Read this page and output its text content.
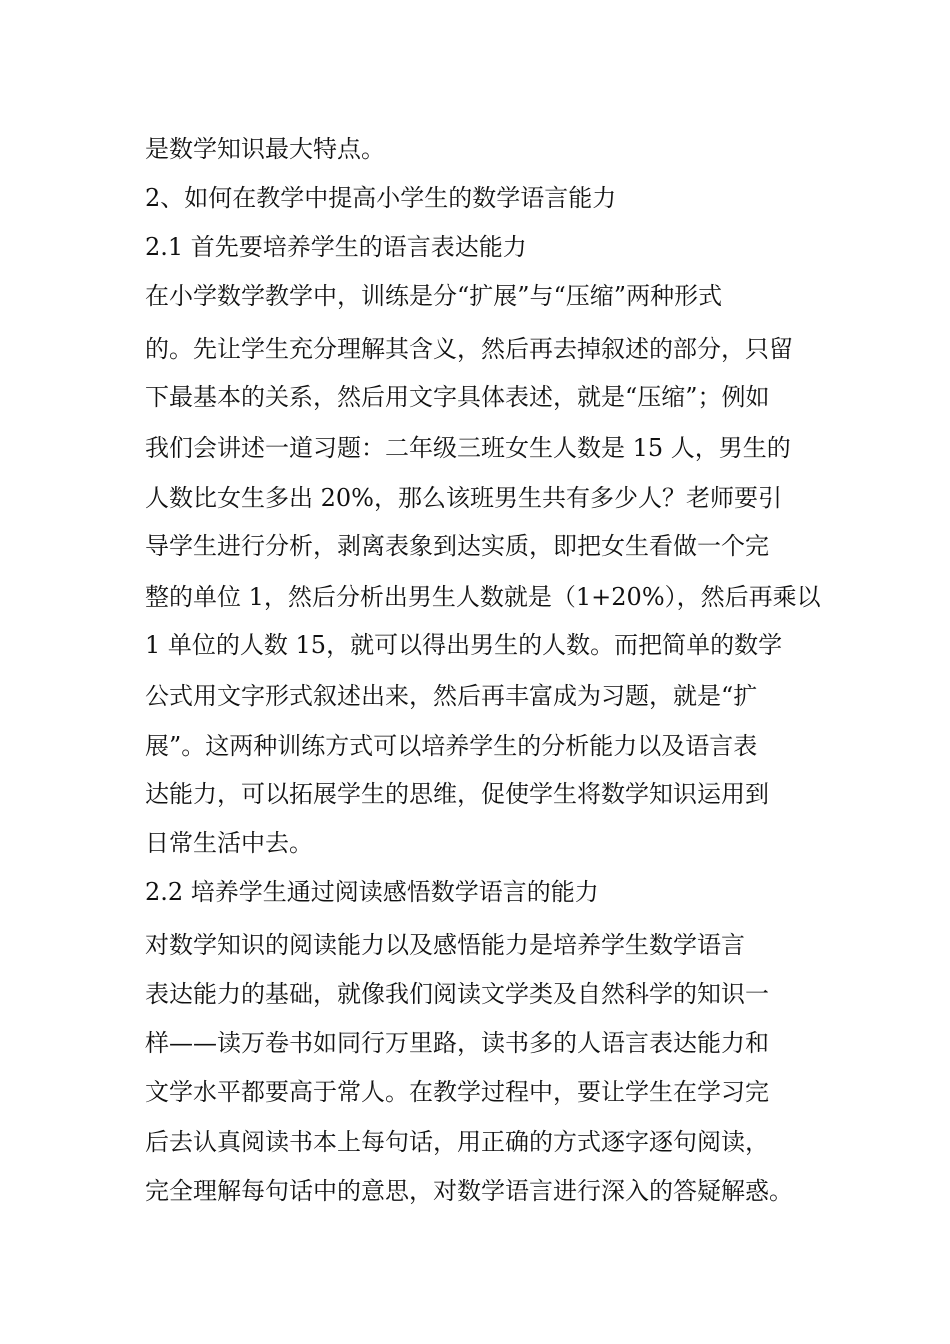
是数学知识最大特点。
2、如何在教学中提高小学生的数学语言能力
2.1 首先要培养学生的语言表达能力
在小学数学教学中，训练是分“扩展”与“压缩”两种形式
的。先让学生充分理解其含义，然后再去掉叙述的部分，只留
下最基本的关系，然后用文字具体表述，就是“压缩”；例如
我们会讲述一道习题：二年级三班女生人数是 15 人，男生的
人数比女生多出 20%，那么该班男生共有多少人？老师要引
导学生进行分析，剥离表象到达实质，即把女生看做一个完
整的单位 1，然后分析出男生人数就是（1+20%），然后再乘以
1 单位的人数 15，就可以得出男生的人数。而把简单的数学
公式用文字形式叙述出来，然后再丰富成为习题，就是“扩
展”。这两种训练方式可以培养学生的分析能力以及语言表
达能力，可以拓展学生的思维，促使学生将数学知识运用到
日常生活中去。
2.2 培养学生通过阅读感悟数学语言的能力
对数学知识的阅读能力以及感悟能力是培养学生数学语言
表达能力的基础，就像我们阅读文学类及自然科学的知识一
样——读万卷书如同行万里路，读书多的人语言表达能力和
文学水平都要高于常人。在教学过程中，要让学生在学习完
后去认真阅读书本上每句话，用正确的方式逐字逐句阅读，
完全理解每句话中的意思，对数学语言进行深入的答疑解惑。
